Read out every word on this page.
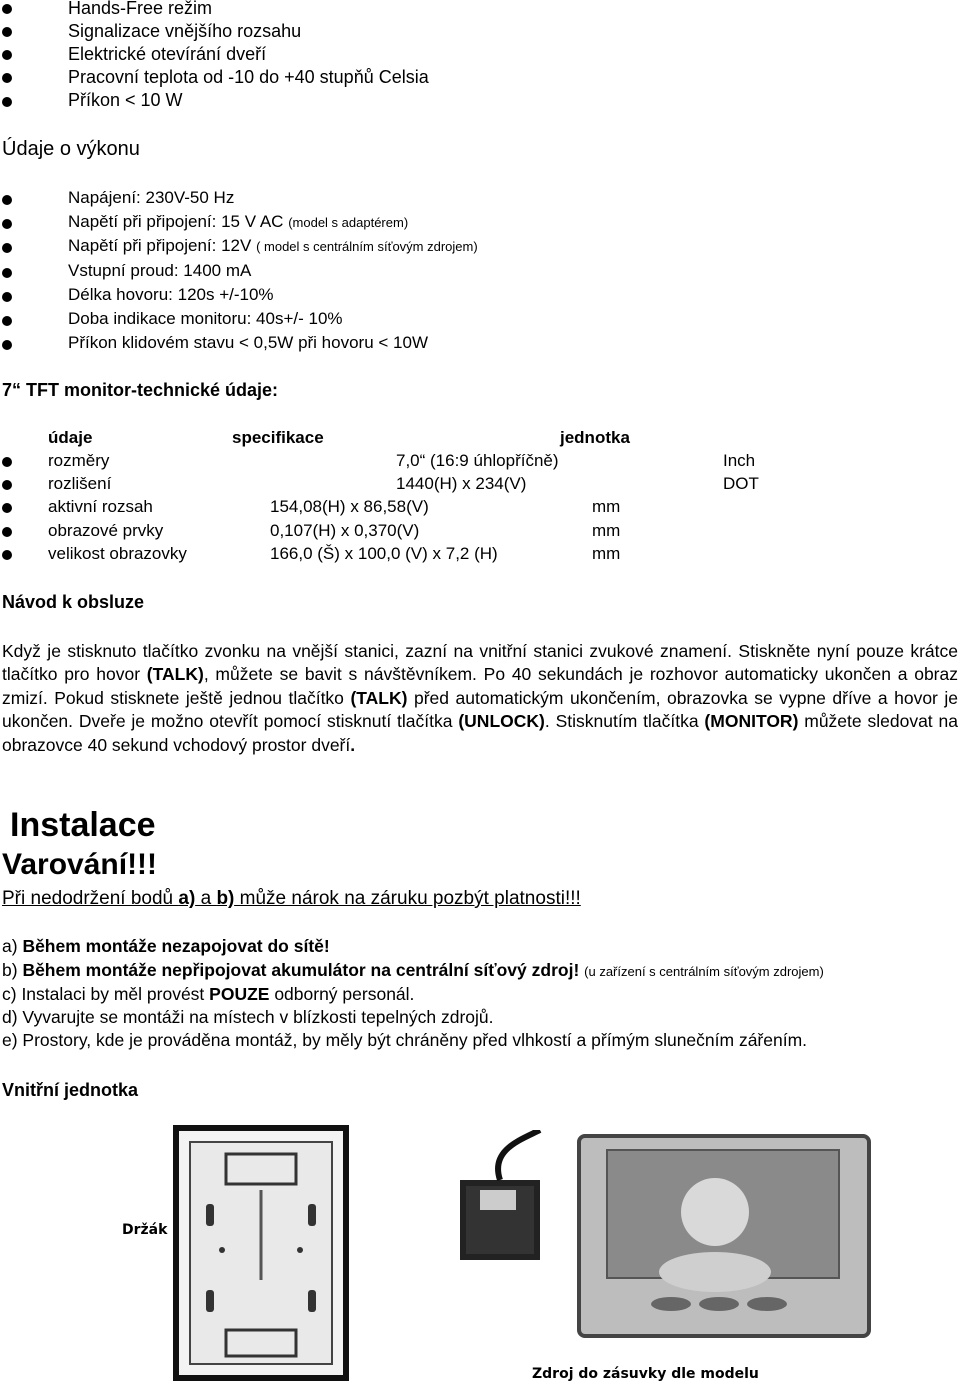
Hands-Free režim
Signalizace vnějšího rozsahu
Elektrické otevírání dveří
Pracovní teplota od -10 do +40 stupňů Celsia
Příkon < 10 W
Údaje o výkonu
Napájení: 230V-50 Hz
Napětí při připojení: 15 V AC (model s adaptérem)
Napětí při připojení: 12V ( model s centrálním síťovým zdrojem)
Vstupní proud: 1400 mA
Délka hovoru: 120s +/-10%
Doba indikace monitoru: 40s+/- 10%
Příkon klidovém stavu < 0,5W při hovoru < 10W
7“ TFT monitor-technické údaje:
údaje	specifikace	jednotka
rozměry	7,0“ (16:9 úhlopříčně)	Inch
rozlišení	1440(H) x 234(V)	DOT
aktivní rozsah	154,08(H) x 86,58(V)	mm
obrazové prvky	0,107(H) x 0,370(V)	mm
velikost obrazovky	166,0 (Š) x 100,0 (V) x 7,2 (H)	mm
Návod k obsluze
Když je stisknuto tlačítko zvonku na vnější stanici, zazní na vnitřní stanici zvukové znamení. Stiskněte nyní pouze krátce tlačítko pro hovor (TALK), můžete se bavit s návštěvníkem. Po 40 sekundách je rozhovor automaticky ukončen a obraz zmizí. Pokud stisknete ještě jednou tlačítko (TALK) před automatickým ukončením, obrazovka se vypne dříve a hovor je ukončen. Dveře je možno otevřít pomocí stisknutí tlačítka (UNLOCK). Stisknutím tlačítka (MONITOR) můžete sledovat na obrazovce 40 sekund vchodový prostor dveří.
Instalace
Varování!!!
Při nedodržení bodů a) a b) může nárok na záruku pozbýt platnosti!!!
a) Během montáže nezapojovat do sítě!
b) Během montáže nepřipojovat akumulátor na centrální síťový zdroj! (u zařízení s centrálním síťovým zdrojem)
c) Instalaci by měl provést POUZE odborný personál.
d) Vyvarujte se montáži na místech v blízkosti tepelných zdrojů.
e) Prostory, kde je prováděna montáž, by měly být chráněny před vlhkostí a přímým slunečním zářením.
Vnitřní jednotka
Držák
Zdroj do zásuvky dle modelu
